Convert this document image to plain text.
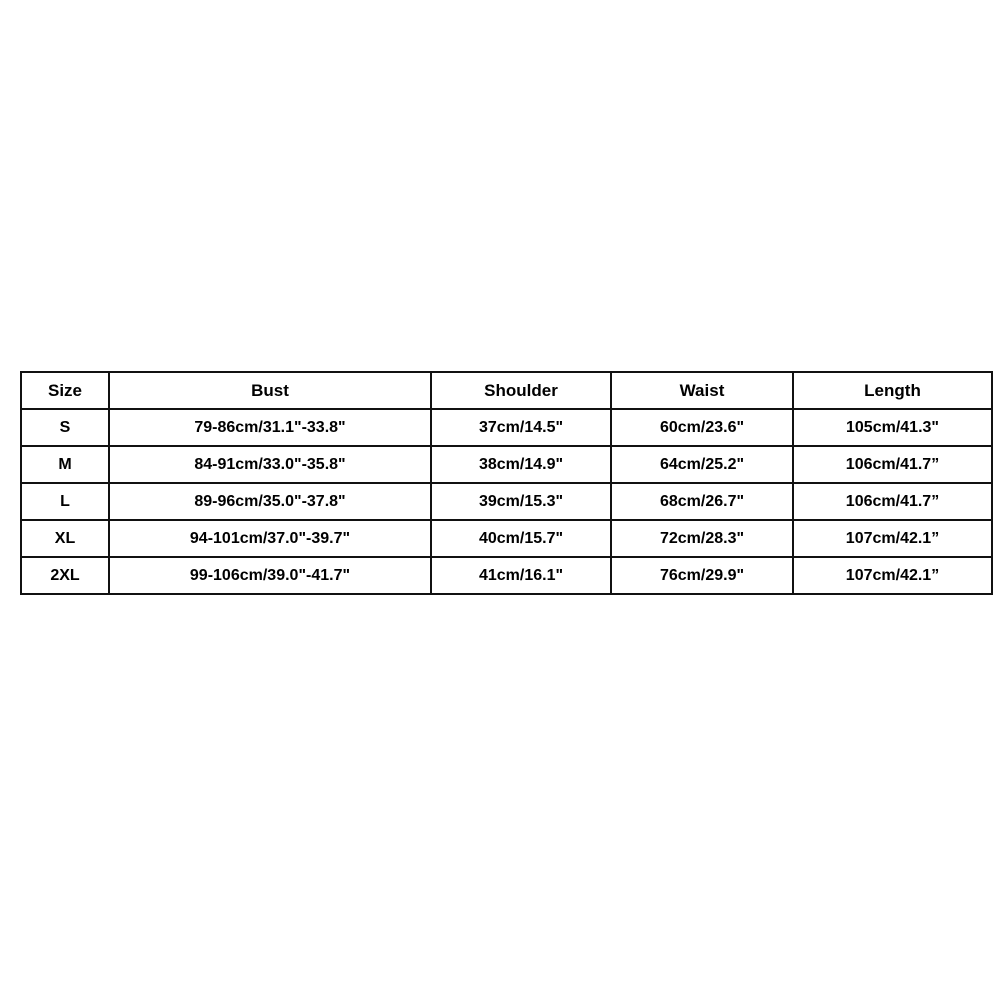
Size	Bust	Shoulder	Waist	Length
S	79-86cm/31.1"-33.8"	37cm/14.5"	60cm/23.6"	105cm/41.3"
M	84-91cm/33.0"-35.8"	38cm/14.9"	64cm/25.2"	106cm/41.7”
L	89-96cm/35.0"-37.8"	39cm/15.3"	68cm/26.7"	106cm/41.7”
XL	94-101cm/37.0"-39.7"	40cm/15.7"	72cm/28.3"	107cm/42.1”
2XL	99-106cm/39.0"-41.7"	41cm/16.1"	76cm/29.9"	107cm/42.1”
